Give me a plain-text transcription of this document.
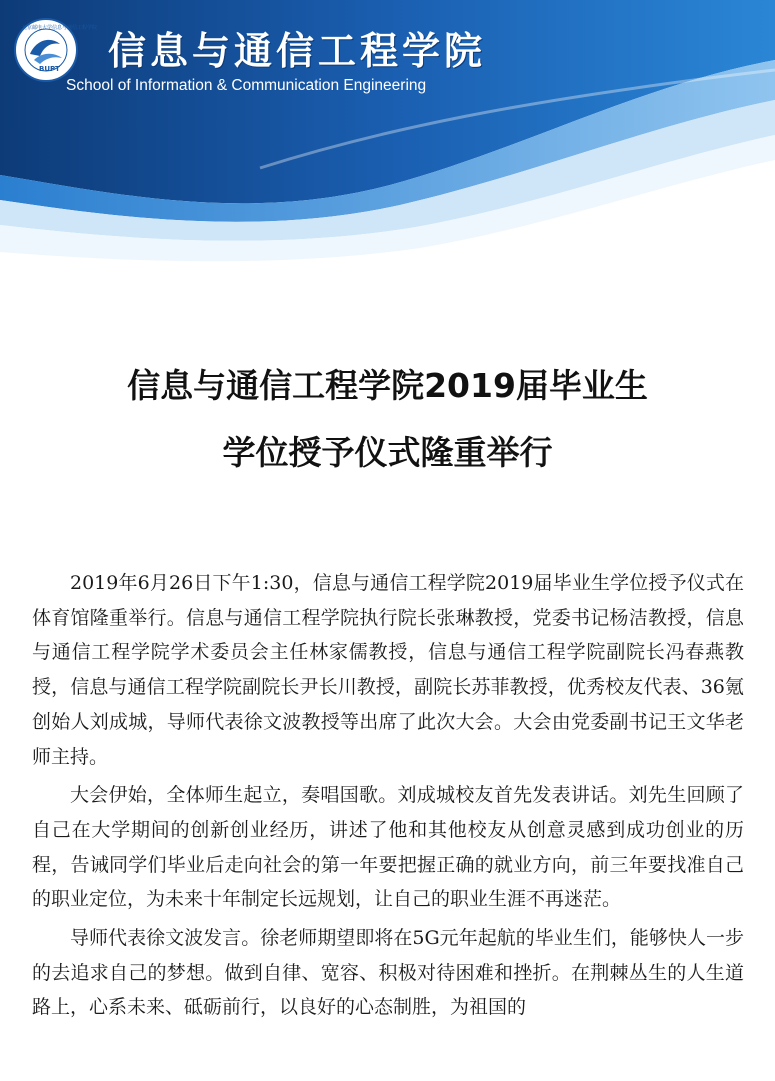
北京邮电大学信息与通信工程学院
BUPT 信息与通信工程学院
School of Information & Communication Engineering
信息与通信工程学院2019届毕业生
学位授予仪式隆重举行

2019年6月26日下午1:30，信息与通信工程学院2019届毕业生学位授予仪式在体育馆隆重举行。信息与通信工程学院执行院长张琳教授，党委书记杨洁教授，信息与通信工程学院学术委员会主任林家儒教授，信息与通信工程学院副院长冯春燕教授，信息与通信工程学院副院长尹长川教授，副院长苏菲教授，优秀校友代表、36氪创始人刘成城，导师代表徐文波教授等出席了此次大会。大会由党委副书记王文华老师主持。

大会伊始，全体师生起立，奏唱国歌。刘成城校友首先发表讲话。刘先生回顾了自己在大学期间的创新创业经历，讲述了他和其他校友从创意灵感到成功创业的历程，告诫同学们毕业后走向社会的第一年要把握正确的就业方向，前三年要找准自己的职业定位，为未来十年制定长远规划，让自己的职业生涯不再迷茫。

导师代表徐文波发言。徐老师期望即将在5G元年起航的毕业生们，能够快人一步的去追求自己的梦想。做到自律、宽容、积极对待困难和挫折。在荆棘丛生的人生道路上，心系未来、砥砺前行，以良好的心态制胜，为祖国的
